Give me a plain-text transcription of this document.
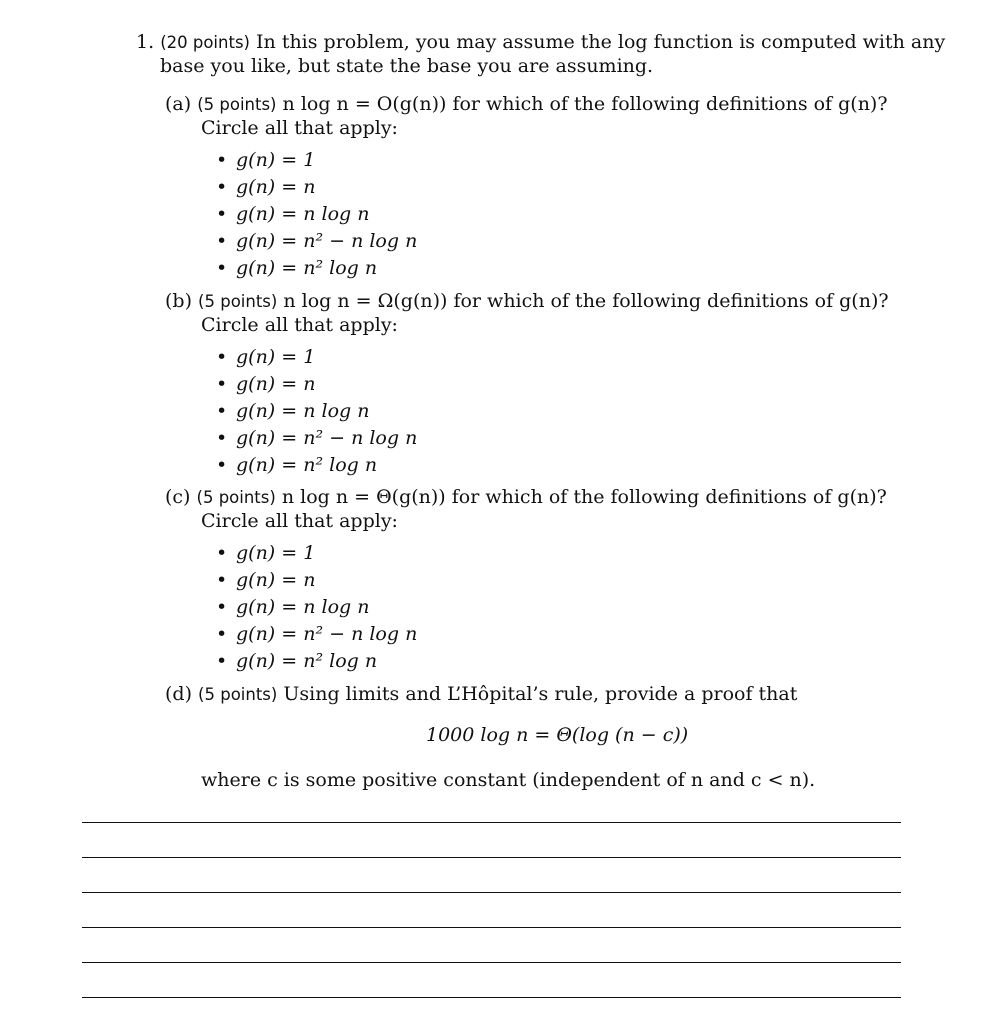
1. (20 points) In this problem, you may assume the log function is computed with any
base you like, but state the base you are assuming.
(a) (5 points) n log n = O(g(n)) for which of the following definitions of g(n)?
Circle all that apply:
• g(n) = 1
• g(n) = n
• g(n) = n log n
• g(n) = n² − n log n
• g(n) = n² log n
(b) (5 points) n log n = Ω(g(n)) for which of the following definitions of g(n)?
Circle all that apply:
• g(n) = 1
• g(n) = n
• g(n) = n log n
• g(n) = n² − n log n
• g(n) = n² log n
(c) (5 points) n log n = Θ(g(n)) for which of the following definitions of g(n)?
Circle all that apply:
• g(n) = 1
• g(n) = n
• g(n) = n log n
• g(n) = n² − n log n
• g(n) = n² log n
(d) (5 points) Using limits and L’Hôpital’s rule, provide a proof that
1000 log n = Θ(log (n − c))
where c is some positive constant (independent of n and c < n).
